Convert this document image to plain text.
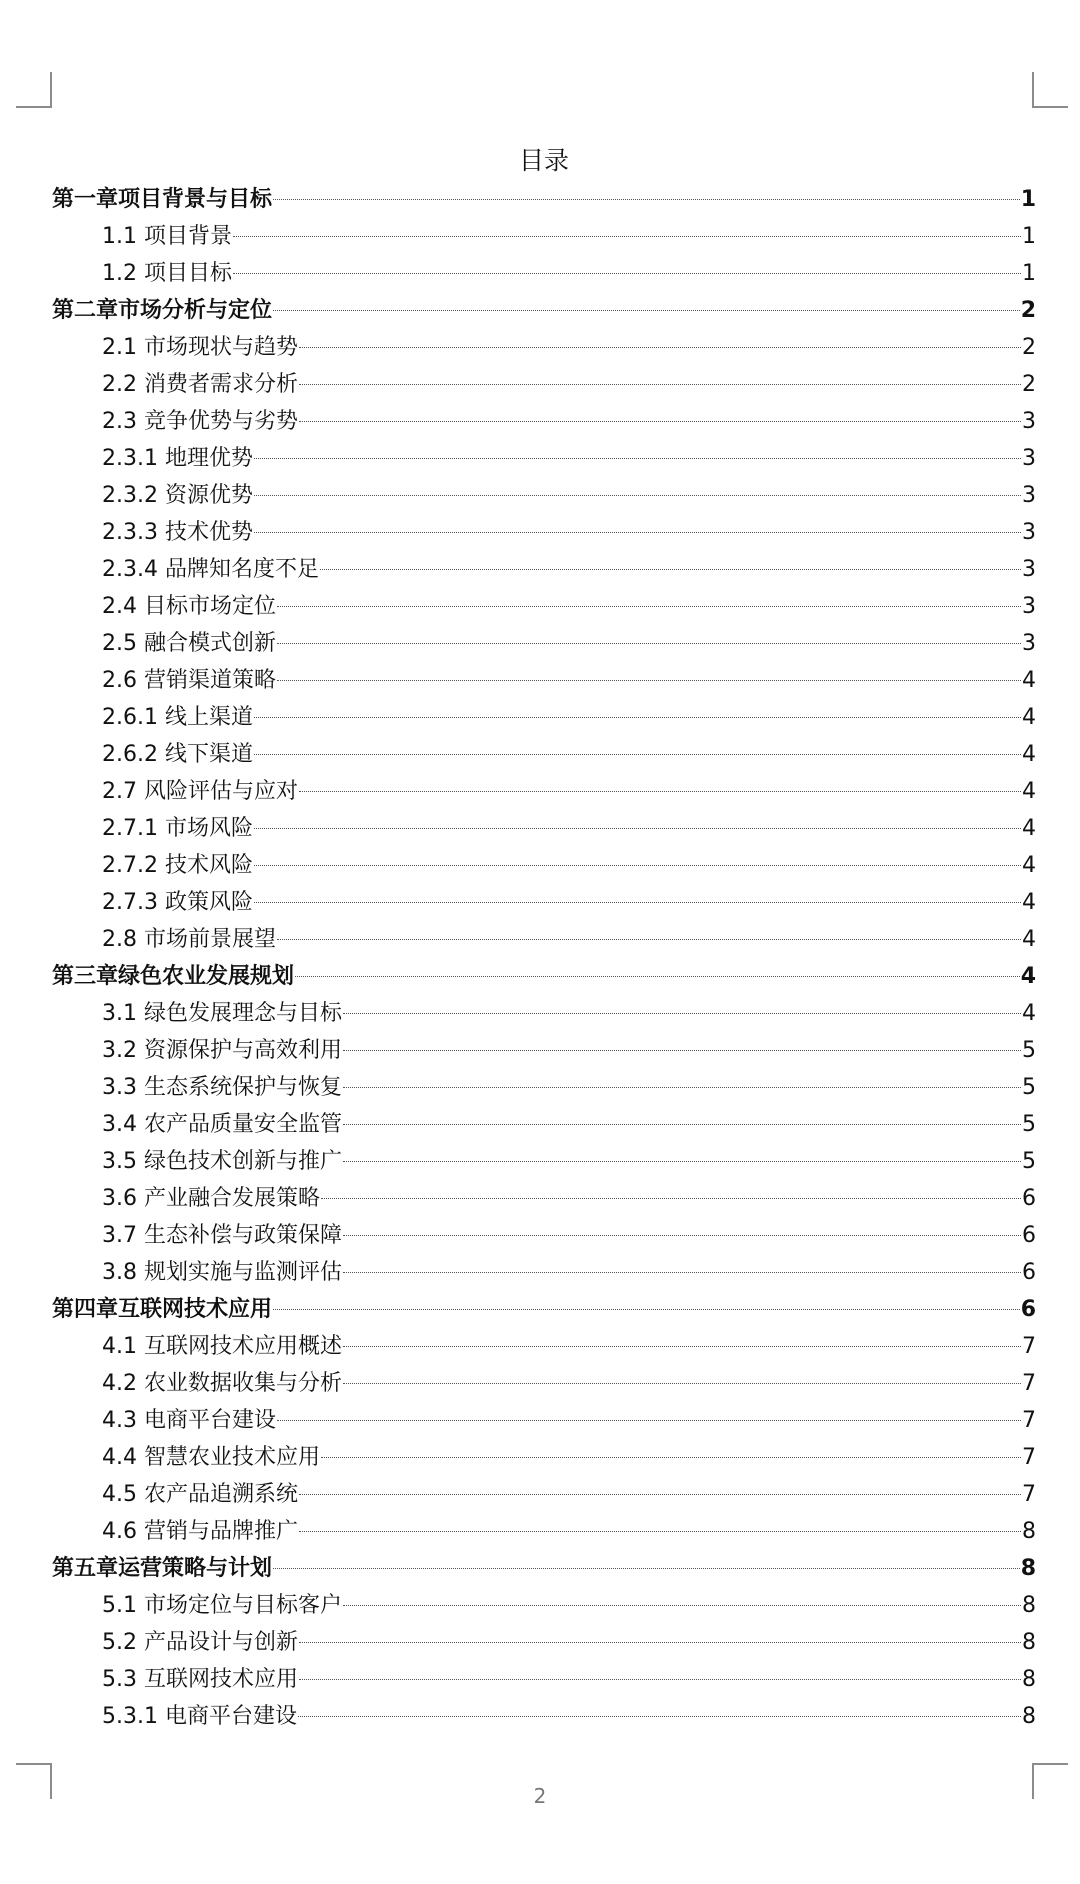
目录
第一章项目背景与目标	1
1.1 项目背景	1
1.2 项目目标	1
第二章市场分析与定位	2
2.1 市场现状与趋势	2
2.2 消费者需求分析	2
2.3 竞争优势与劣势	3
2.3.1 地理优势	3
2.3.2 资源优势	3
2.3.3 技术优势	3
2.3.4 品牌知名度不足	3
2.4 目标市场定位	3
2.5 融合模式创新	3
2.6 营销渠道策略	4
2.6.1 线上渠道	4
2.6.2 线下渠道	4
2.7 风险评估与应对	4
2.7.1 市场风险	4
2.7.2 技术风险	4
2.7.3 政策风险	4
2.8 市场前景展望	4
第三章绿色农业发展规划	4
3.1 绿色发展理念与目标	4
3.2 资源保护与高效利用	5
3.3 生态系统保护与恢复	5
3.4 农产品质量安全监管	5
3.5 绿色技术创新与推广	5
3.6 产业融合发展策略	6
3.7 生态补偿与政策保障	6
3.8 规划实施与监测评估	6
第四章互联网技术应用	6
4.1 互联网技术应用概述	7
4.2 农业数据收集与分析	7
4.3 电商平台建设	7
4.4 智慧农业技术应用	7
4.5 农产品追溯系统	7
4.6 营销与品牌推广	8
第五章运营策略与计划	8
5.1 市场定位与目标客户	8
5.2 产品设计与创新	8
5.3 互联网技术应用	8
5.3.1 电商平台建设	8
2
